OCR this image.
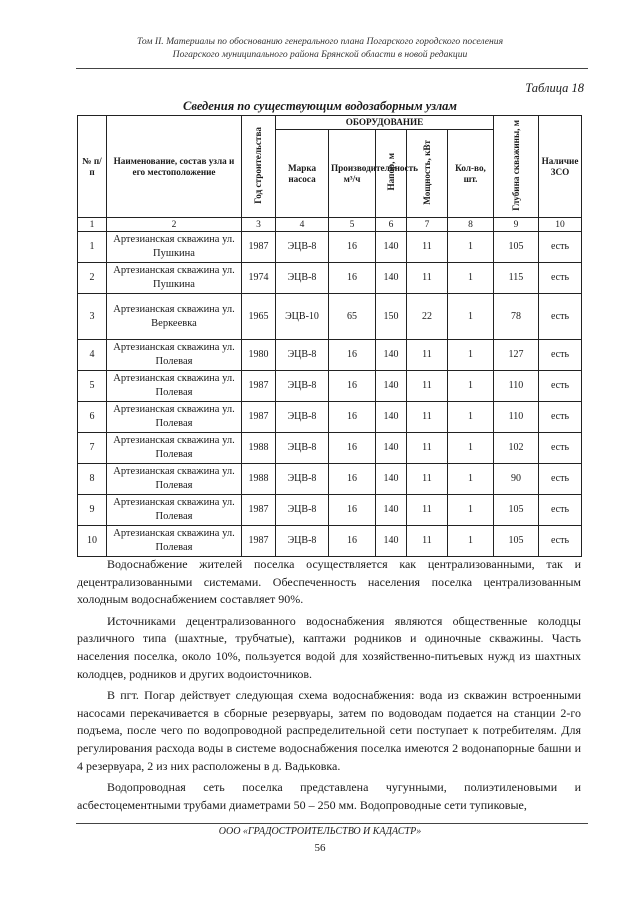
Том II. Материалы по обоснованию генерального плана Погарского городского поселения
Погарского муниципального района Брянской области в новой редакции
Таблица 18
Сведения по существующим водозаборным узлам
№ п/п	Наименование, состав узла и его местоположение	Год строительства	ОБОРУДОВАНИЕ					Глубина скважины, м	Наличие ЗСО
			Марка насоса	Производительность м³/ч	Напор, м	Мощность, кВт	Кол-во, шт.		
1	2	3	4	5	6	7	8	9	10
1	Артезианская скважина ул. Пушкина	1987	ЭЦВ-8	16	140	11	1	105	есть
2	Артезианская скважина ул. Пушкина	1974	ЭЦВ-8	16	140	11	1	115	есть
3	Артезианская скважина ул. Веркеевка	1965	ЭЦВ-10	65	150	22	1	78	есть
4	Артезианская скважина ул. Полевая	1980	ЭЦВ-8	16	140	11	1	127	есть
5	Артезианская скважина ул. Полевая	1987	ЭЦВ-8	16	140	11	1	110	есть
6	Артезианская скважина ул. Полевая	1987	ЭЦВ-8	16	140	11	1	110	есть
7	Артезианская скважина ул. Полевая	1988	ЭЦВ-8	16	140	11	1	102	есть
8	Артезианская скважина ул. Полевая	1988	ЭЦВ-8	16	140	11	1	90	есть
9	Артезианская скважина ул. Полевая	1987	ЭЦВ-8	16	140	11	1	105	есть
10	Артезианская скважина ул. Полевая	1987	ЭЦВ-8	16	140	11	1	105	есть

Водоснабжение жителей поселка осуществляется как централизованными, так и децентрализованными системами. Обеспеченность населения поселка централизованным холодным водоснабжением составляет 90%.

Источниками децентрализованного водоснабжения являются общественные колодцы различного типа (шахтные, трубчатые), каптажи родников и одиночные скважины. Часть населения поселка, около 10%, пользуется водой для хозяйственно-питьевых нужд из шахтных колодцев, родников и других водоисточников.

В пгт. Погар действует следующая схема водоснабжения: вода из скважин встроенными насосами перекачивается в сборные резервуары, затем по водоводам подается на станции 2-го подъема, после чего по водопроводной распределительной сети поступает к потребителям. Для регулирования расхода воды в системе водоснабжения поселка имеются 2 водонапорные башни и 4 резервуара, 2 из них расположены в д. Вадьковка.

Водопроводная сеть поселка представлена чугунными, полиэтиленовыми и асбестоцементными трубами диаметрами 50 – 250 мм. Водопроводные сети тупиковые,

ООО «ГРАДОСТРОИТЕЛЬСТВО И КАДАСТР»
56
